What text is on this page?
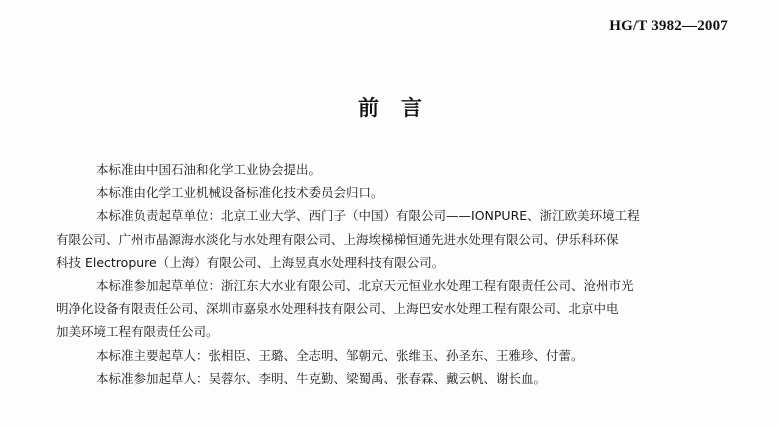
HG/T 3982—2007
前言

本标准由中国石油和化学工业协会提出。

本标准由化学工业机械设备标准化技术委员会归口。

本标准负责起草单位：北京工业大学、西门子（中国）有限公司——IONPURE、浙江欧美环境工程

有限公司、广州市晶源海水淡化与水处理有限公司、上海埃梯梯恒通先进水处理有限公司、伊乐科环保

科技 Electropure（上海）有限公司、上海昱真水处理科技有限公司。

本标准参加起草单位：浙江东大水业有限公司、北京天元恒业水处理工程有限责任公司、沧州市光

明净化设备有限责任公司、深圳市嘉泉水处理科技有限公司、上海巴安水处理工程有限公司、北京中电

加美环境工程有限责任公司。

本标准主要起草人：张相臣、王璐、全志明、邹朝元、张维玉、孙圣东、王雅珍、付蕾。

本标准参加起草人：吴蓉尔、李明、牛克勤、梁蜀禹、张春霖、戴云帆、谢长血。
